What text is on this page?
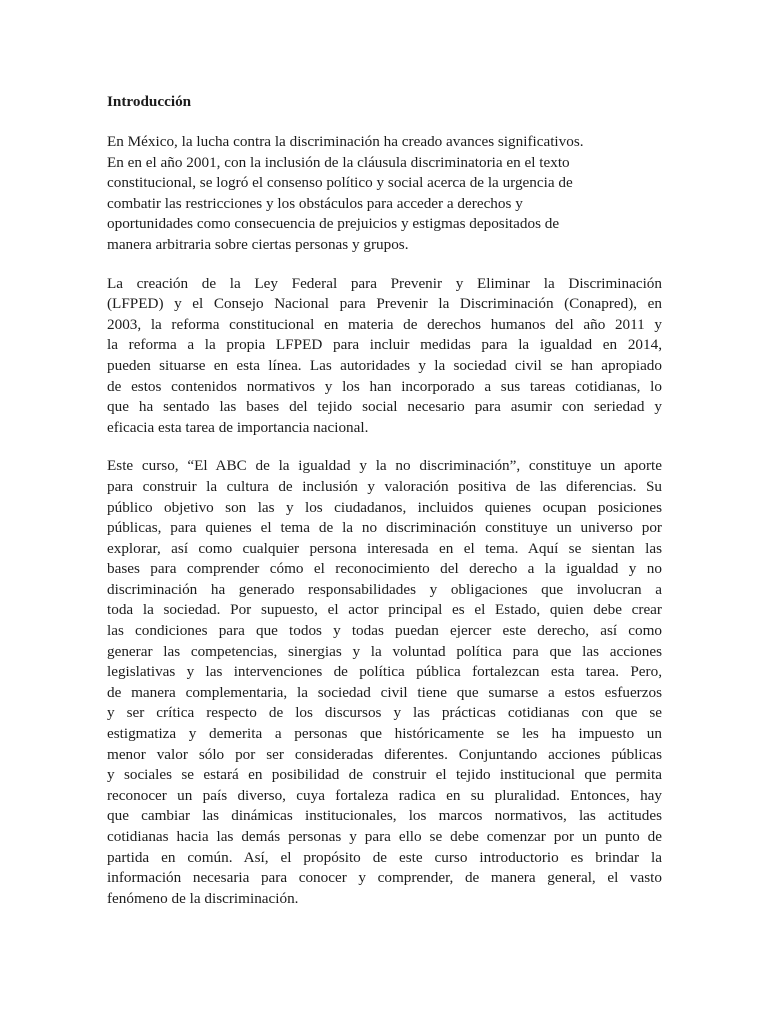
Introducción
En México, la lucha contra la discriminación ha creado avances significativos.
En en el año 2001, con la inclusión de la cláusula discriminatoria en el texto
constitucional, se logró el consenso político y social acerca de la urgencia de
combatir las restricciones y los obstáculos para acceder a derechos y
oportunidades como consecuencia de prejuicios y estigmas depositados de
manera arbitraria sobre ciertas personas y grupos.
La creación de la Ley Federal para Prevenir y Eliminar la Discriminación
(LFPED) y el Consejo Nacional para Prevenir la Discriminación (Conapred), en
2003, la reforma constitucional en materia de derechos humanos del año 2011 y
la reforma a la propia LFPED para incluir medidas para la igualdad en 2014,
pueden situarse en esta línea. Las autoridades y la sociedad civil se han apropiado
de estos contenidos normativos y los han incorporado a sus tareas cotidianas, lo
que ha sentado las bases del tejido social necesario para asumir con seriedad y
eficacia esta tarea de importancia nacional.
Este curso, “El ABC de la igualdad y la no discriminación”, constituye un aporte
para construir la cultura de inclusión y valoración positiva de las diferencias. Su
público objetivo son las y los ciudadanos, incluidos quienes ocupan posiciones
públicas, para quienes el tema de la no discriminación constituye un universo por
explorar, así como cualquier persona interesada en el tema. Aquí se sientan las
bases para comprender cómo el reconocimiento del derecho a la igualdad y no
discriminación ha generado responsabilidades y obligaciones que involucran a
toda la sociedad. Por supuesto, el actor principal es el Estado, quien debe crear
las condiciones para que todos y todas puedan ejercer este derecho, así como
generar las competencias, sinergias y la voluntad política para que las acciones
legislativas y las intervenciones de política pública fortalezcan esta tarea. Pero,
de manera complementaria, la sociedad civil tiene que sumarse a estos esfuerzos
y ser crítica respecto de los discursos y las prácticas cotidianas con que se
estigmatiza y demerita a personas que históricamente se les ha impuesto un
menor valor sólo por ser consideradas diferentes. Conjuntando acciones públicas
y sociales se estará en posibilidad de construir el tejido institucional que permita
reconocer un país diverso, cuya fortaleza radica en su pluralidad. Entonces, hay
que cambiar las dinámicas institucionales, los marcos normativos, las actitudes
cotidianas hacia las demás personas y para ello se debe comenzar por un punto de
partida en común. Así, el propósito de este curso introductorio es brindar la
información necesaria para conocer y comprender, de manera general, el vasto
fenómeno de la discriminación.
